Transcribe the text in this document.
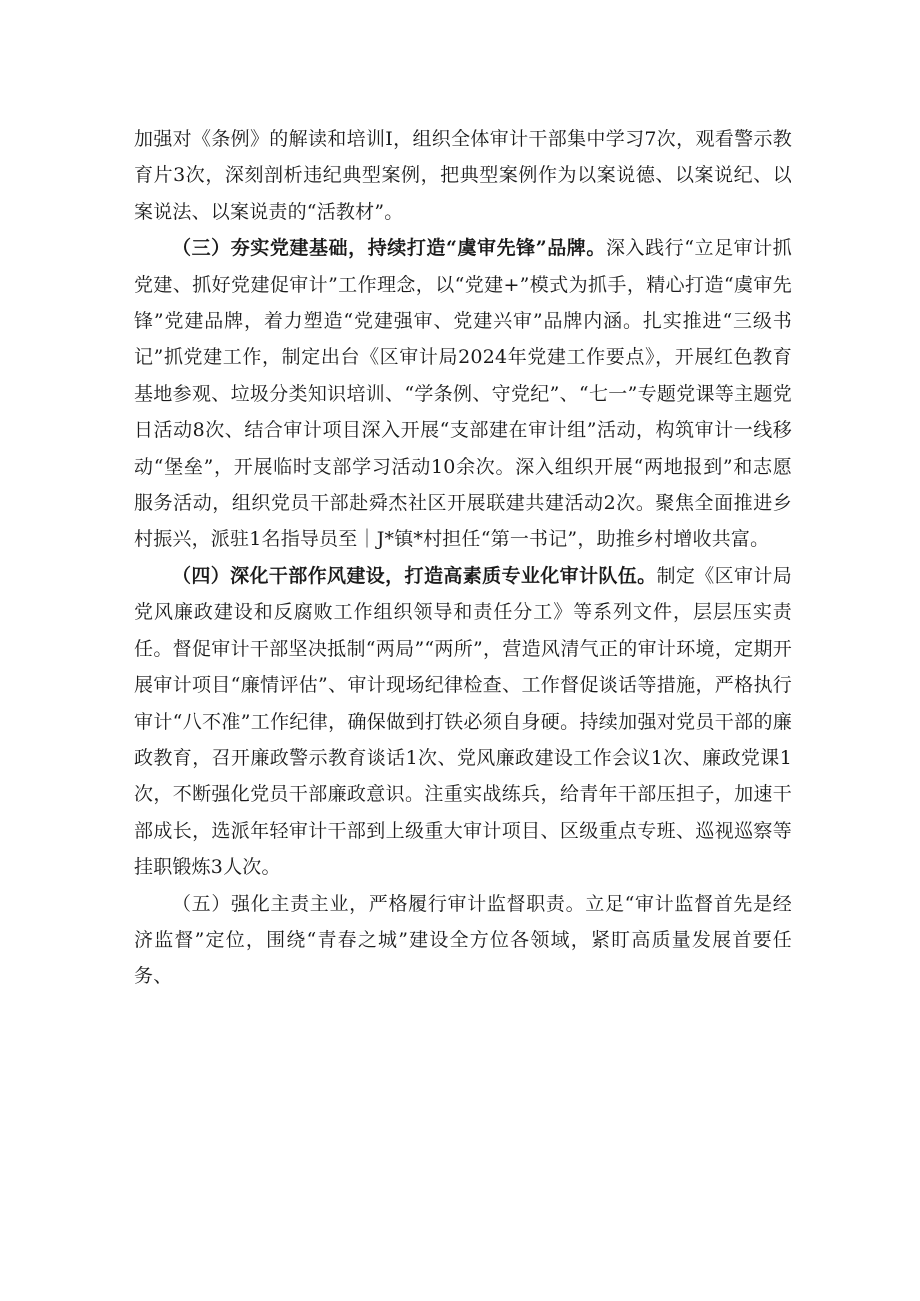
加强对《条例》的解读和培训I，组织全体审计干部集中学习7次，观看警示教育片3次，深刻剖析违纪典型案例，把典型案例作为以案说德、以案说纪、以案说法、以案说责的“活教材”。

（三）夯实党建基础，持续打造“虞审先锋”品牌。深入践行“立足审计抓党建、抓好党建促审计”工作理念，以“党建+”模式为抓手，精心打造“虞审先锋”党建品牌，着力塑造“党建强审、党建兴审”品牌内涵。扎实推进“三级书记”抓党建工作，制定出台《区审计局2024年党建工作要点》，开展红色教育基地参观、垃圾分类知识培训、“学条例、守党纪”、“七一”专题党课等主题党日活动8次、结合审计项目深入开展“支部建在审计组”活动，构筑审计一线移动“堡垒”，开展临时支部学习活动10余次。深入组织开展“两地报到”和志愿服务活动，组织党员干部赴舜杰社区开展联建共建活动2次。聚焦全面推进乡村振兴，派驻1名指导员至｜J*镇*村担任“第一书记”，助推乡村增收共富。

（四）深化干部作风建设，打造高素质专业化审计队伍。制定《区审计局党风廉政建设和反腐败工作组织领导和责任分工》等系列文件，层层压实责任。督促审计干部坚决抵制“两局”“两所”，营造风清气正的审计环境，定期开展审计项目“廉情评估”、审计现场纪律检查、工作督促谈话等措施，严格执行审计“八不准”工作纪律，确保做到打铁必须自身硬。持续加强对党员干部的廉政教育，召开廉政警示教育谈话1次、党风廉政建设工作会议1次、廉政党课1次，不断强化党员干部廉政意识。注重实战练兵，给青年干部压担子，加速干部成长，选派年轻审计干部到上级重大审计项目、区级重点专班、巡视巡察等挂职锻炼3人次。

（五）强化主责主业，严格履行审计监督职责。立足“审计监督首先是经济监督”定位，围绕“青春之城”建设全方位各领域，紧盯高质量发展首要任务、
